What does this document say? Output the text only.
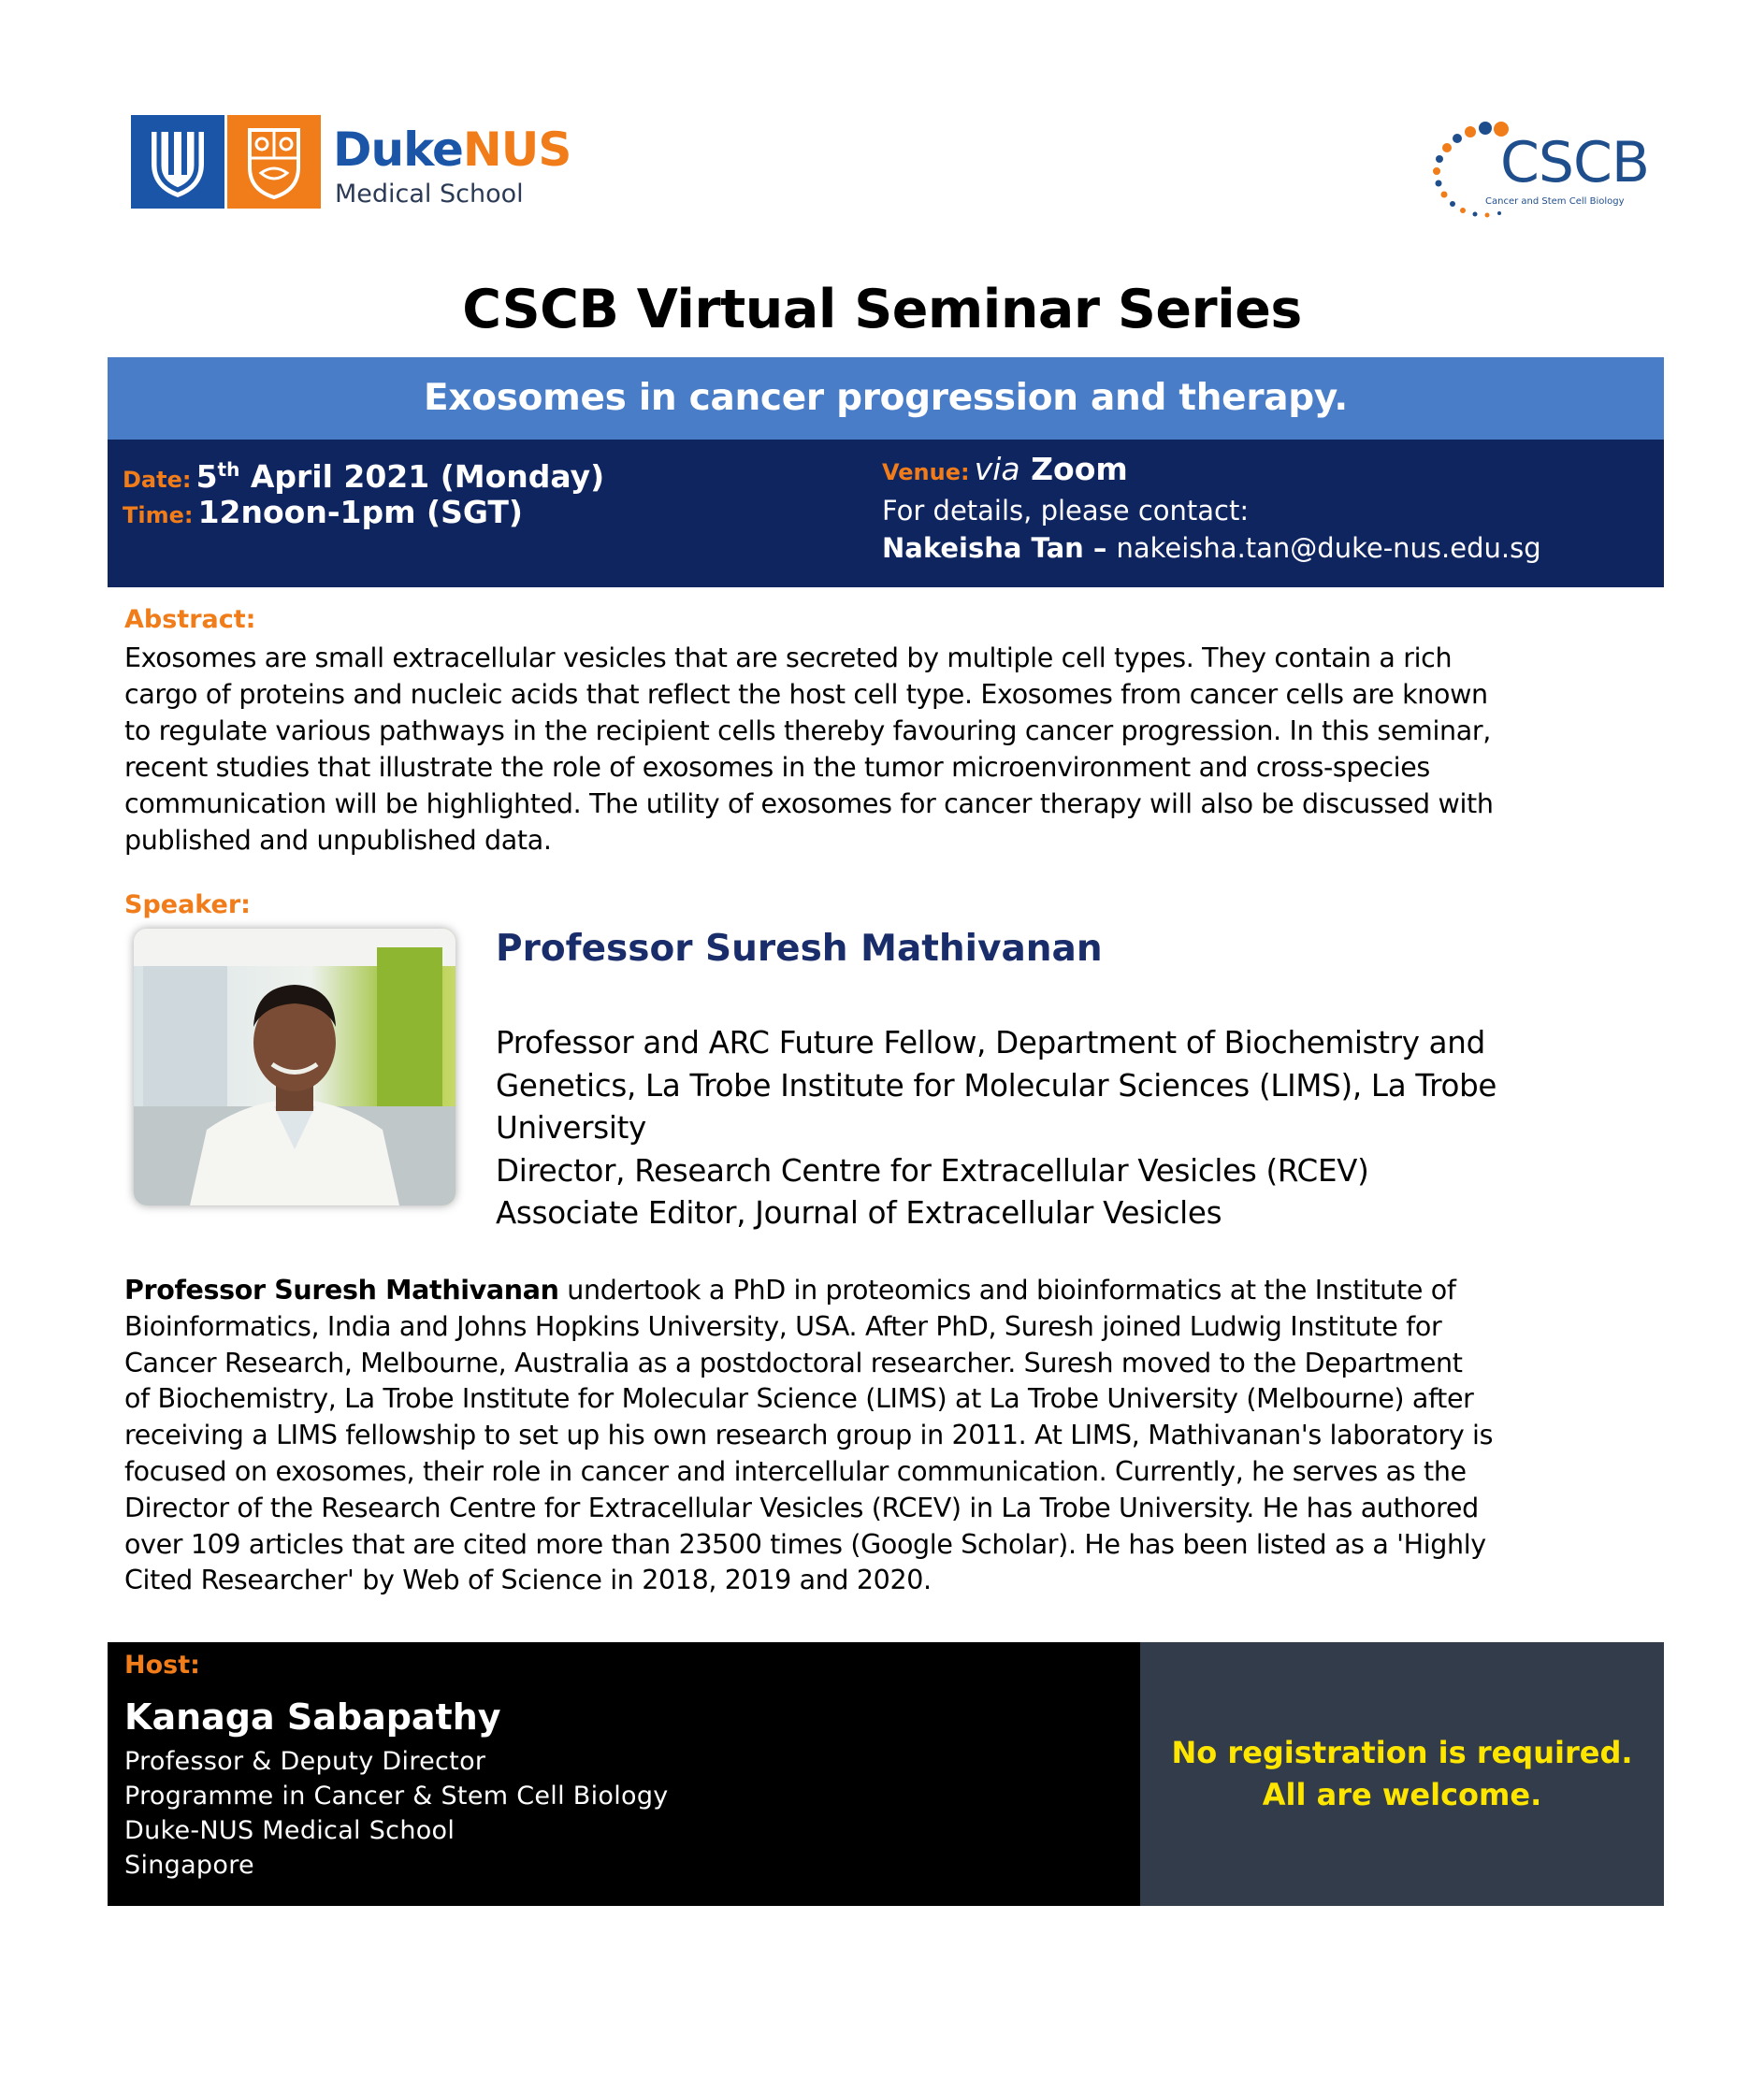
DukeNUS
Medical School	CSCB
Cancer and Stem Cell Biology
CSCB Virtual Seminar Series
Exosomes in cancer progression and therapy.
Date: 5th April 2021 (Monday)
Time: 12noon-1pm (SGT)
Venue: via Zoom
For details, please contact:
Nakeisha Tan – nakeisha.tan@duke-nus.edu.sg
Abstract:
Exosomes are small extracellular vesicles that are secreted by multiple cell types. They contain a rich
cargo of proteins and nucleic acids that reflect the host cell type. Exosomes from cancer cells are known
to regulate various pathways in the recipient cells thereby favouring cancer progression. In this seminar,
recent studies that illustrate the role of exosomes in the tumor microenvironment and cross-species
communication will be highlighted. The utility of exosomes for cancer therapy will also be discussed with
published and unpublished data.
Speaker:
Professor Suresh Mathivanan
Professor and ARC Future Fellow, Department of Biochemistry and
Genetics, La Trobe Institute for Molecular Sciences (LIMS), La Trobe
University
Director, Research Centre for Extracellular Vesicles (RCEV)
Associate Editor, Journal of Extracellular Vesicles
Professor Suresh Mathivanan undertook a PhD in proteomics and bioinformatics at the Institute of
Bioinformatics, India and Johns Hopkins University, USA. After PhD, Suresh joined Ludwig Institute for
Cancer Research, Melbourne, Australia as a postdoctoral researcher. Suresh moved to the Department
of Biochemistry, La Trobe Institute for Molecular Science (LIMS) at La Trobe University (Melbourne) after
receiving a LIMS fellowship to set up his own research group in 2011. At LIMS, Mathivanan's laboratory is
focused on exosomes, their role in cancer and intercellular communication. Currently, he serves as the
Director of the Research Centre for Extracellular Vesicles (RCEV) in La Trobe University. He has authored
over 109 articles that are cited more than 23500 times (Google Scholar). He has been listed as a 'Highly
Cited Researcher' by Web of Science in 2018, 2019 and 2020.
Host:
Kanaga Sabapathy
Professor & Deputy Director
Programme in Cancer & Stem Cell Biology
Duke-NUS Medical School
Singapore
No registration is required.
All are welcome.
